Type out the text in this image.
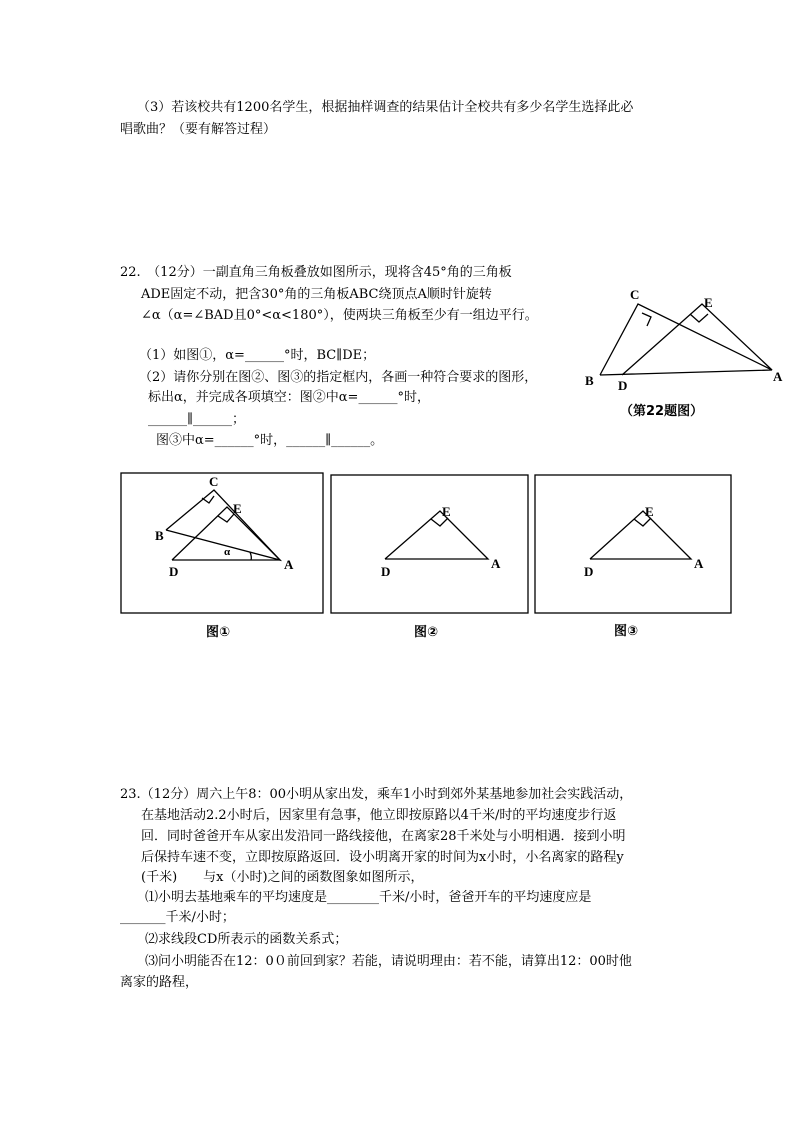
（3）若该校共有1200名学生，根据抽样调查的结果估计全校共有多少名学生选择此必
唱歌曲？（要有解答过程）
22.　（12分）一副直角三角板叠放如图所示，现将含45°角的三角板
ADE固定不动，把含30°角的三角板ABC绕顶点A顺时针旋转
∠α（α=∠BAD且0°<α<180°），使两块三角板至少有一组边平行。
（1）如图①，α=______°时，BC∥DE；
（2）请你分别在图②、图③的指定框内，各画一种符合要求的图形，
标出α，并完成各项填空：图②中α=______°时，
______∥______；
图③中α=______°时，______∥______。
C
E
B D
A
（第22题图）
C
E
B
D	A
α
图①
E
D
A
图②
E
D
A
图③
23.（12分）周六上午8：00小明从家出发，乘车1小时到郊外某基地参加社会实践活动，
在基地活动2.2小时后，因家里有急事，他立即按原路以4千米/时的平均速度步行返
回．同时爸爸开车从家出发沿同一路线接他，在离家28千米处与小明相遇．接到小明
后保持车速不变，立即按原路返回．设小明离开家的时间为x小时，小名离家的路程y
(千米)　　与x（小时)之间的函数图象如图所示，
⑴小明去基地乘车的平均速度是________千米/小时，爸爸开车的平均速度应是
_______千米/小时；
⑵求线段CD所表示的函数关系式；
⑶问小明能否在12：0０前回到家？若能，请说明理由：若不能，请算出12：00时他
离家的路程，
